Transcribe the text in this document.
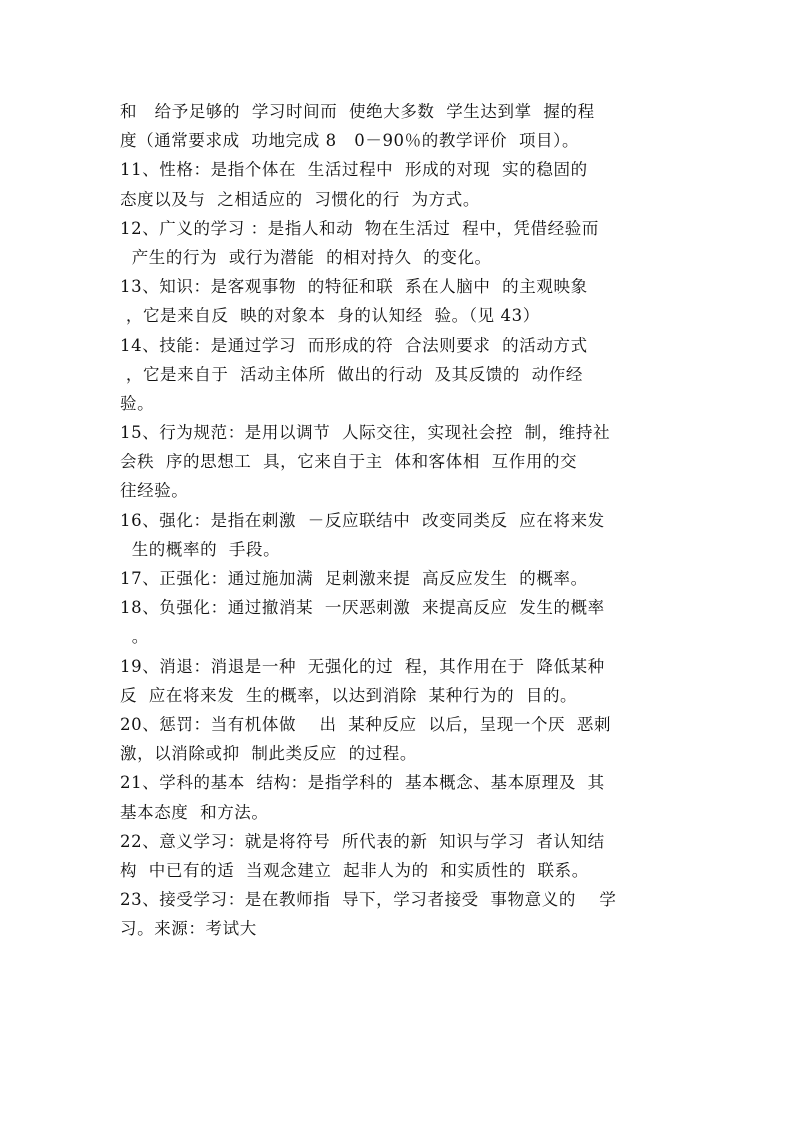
和   给予足够的  学习时间而  使绝大多数  学生达到掌  握的程
度（通常要求成  功地完成 8   0－90％的教学评价  项目）。
11、性格：是指个体在  生活过程中  形成的对现  实的稳固的
态度以及与  之相适应的  习惯化的行  为方式。
12、广义的学习 ：是指人和动  物在生活过  程中，凭借经验而
产生的行为  或行为潜能  的相对持久  的变化。
13、知识：是客观事物  的特征和联  系在人脑中  的主观映象
，它是来自反  映的对象本  身的认知经  验。（见 43）
14、技能：是通过学习  而形成的符  合法则要求  的活动方式
，它是来自于  活动主体所  做出的行动  及其反馈的  动作经
验。
15、行为规范：是用以调节  人际交往，实现社会控  制，维持社
会秩  序的思想工  具，它来自于主  体和客体相  互作用的交
往经验。
16、强化：是指在刺激  －反应联结中  改变同类反  应在将来发
生的概率的  手段。
17、正强化：通过施加满  足刺激来提  高反应发生  的概率。
18、负强化：通过撤消某  一厌恶刺激  来提高反应  发生的概率
。
19、消退：消退是一种  无强化的过  程，其作用在于  降低某种
反  应在将来发  生的概率，以达到消除  某种行为的  目的。
20、惩罚：当有机体做    出  某种反应  以后，呈现一个厌  恶刺
激，以消除或抑  制此类反应  的过程。
21、学科的基本  结构：是指学科的  基本概念、基本原理及  其
基本态度  和方法。
22、意义学习：就是将符号  所代表的新  知识与学习  者认知结
构  中已有的适  当观念建立  起非人为的  和实质性的  联系。
23、接受学习：是在教师指  导下，学习者接受  事物意义的    学
习。来源：考试大
